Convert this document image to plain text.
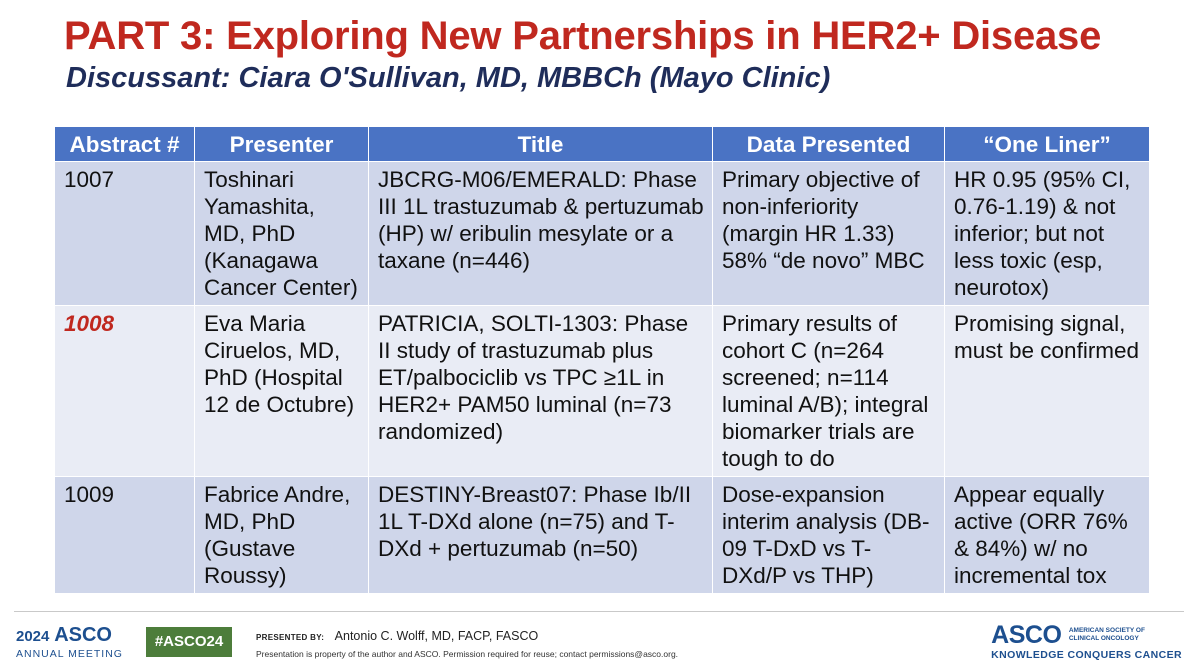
PART 3: Exploring New Partnerships in HER2+ Disease
Discussant: Ciara O'Sullivan, MD, MBBCh (Mayo Clinic)
Abstract #	Presenter	Title	Data Presented	“One Liner”
1007	Toshinari Yamashita, MD, PhD (Kanagawa Cancer Center)	JBCRG-M06/EMERALD: Phase III 1L trastuzumab & pertuzumab (HP) w/ eribulin mesylate or a taxane (n=446)	Primary objective of non-inferiority (margin HR 1.33) 58% “de novo” MBC	HR 0.95 (95% CI, 0.76-1.19) & not inferior; but not less toxic (esp, neurotox)
1008	Eva Maria Ciruelos, MD, PhD (Hospital 12 de Octubre)	PATRICIA, SOLTI-1303: Phase II study of trastuzumab plus ET/palbociclib vs TPC ≥1L in HER2+ PAM50 luminal (n=73 randomized)	Primary results of cohort C (n=264 screened; n=114 luminal A/B); integral biomarker trials are tough to do	Promising signal, must be confirmed
1009	Fabrice Andre, MD, PhD (Gustave Roussy)	DESTINY-Breast07: Phase Ib/II 1L T-DXd alone (n=75) and T-DXd + pertuzumab (n=50)	Dose-expansion interim analysis (DB-09 T-DxD vs T-DXd/P vs THP)	Appear equally active (ORR 76% & 84%) w/ no incremental tox
2024 ASCO
ANNUAL MEETING
#ASCO24	PRESENTED BY: Antonio C. Wolff, MD, FACP, FASCO
Presentation is property of the author and ASCO. Permission required for reuse; contact permissions@asco.org.
ASCO AMERICAN SOCIETY OF
CLINICAL ONCOLOGY
KNOWLEDGE CONQUERS CANCER
